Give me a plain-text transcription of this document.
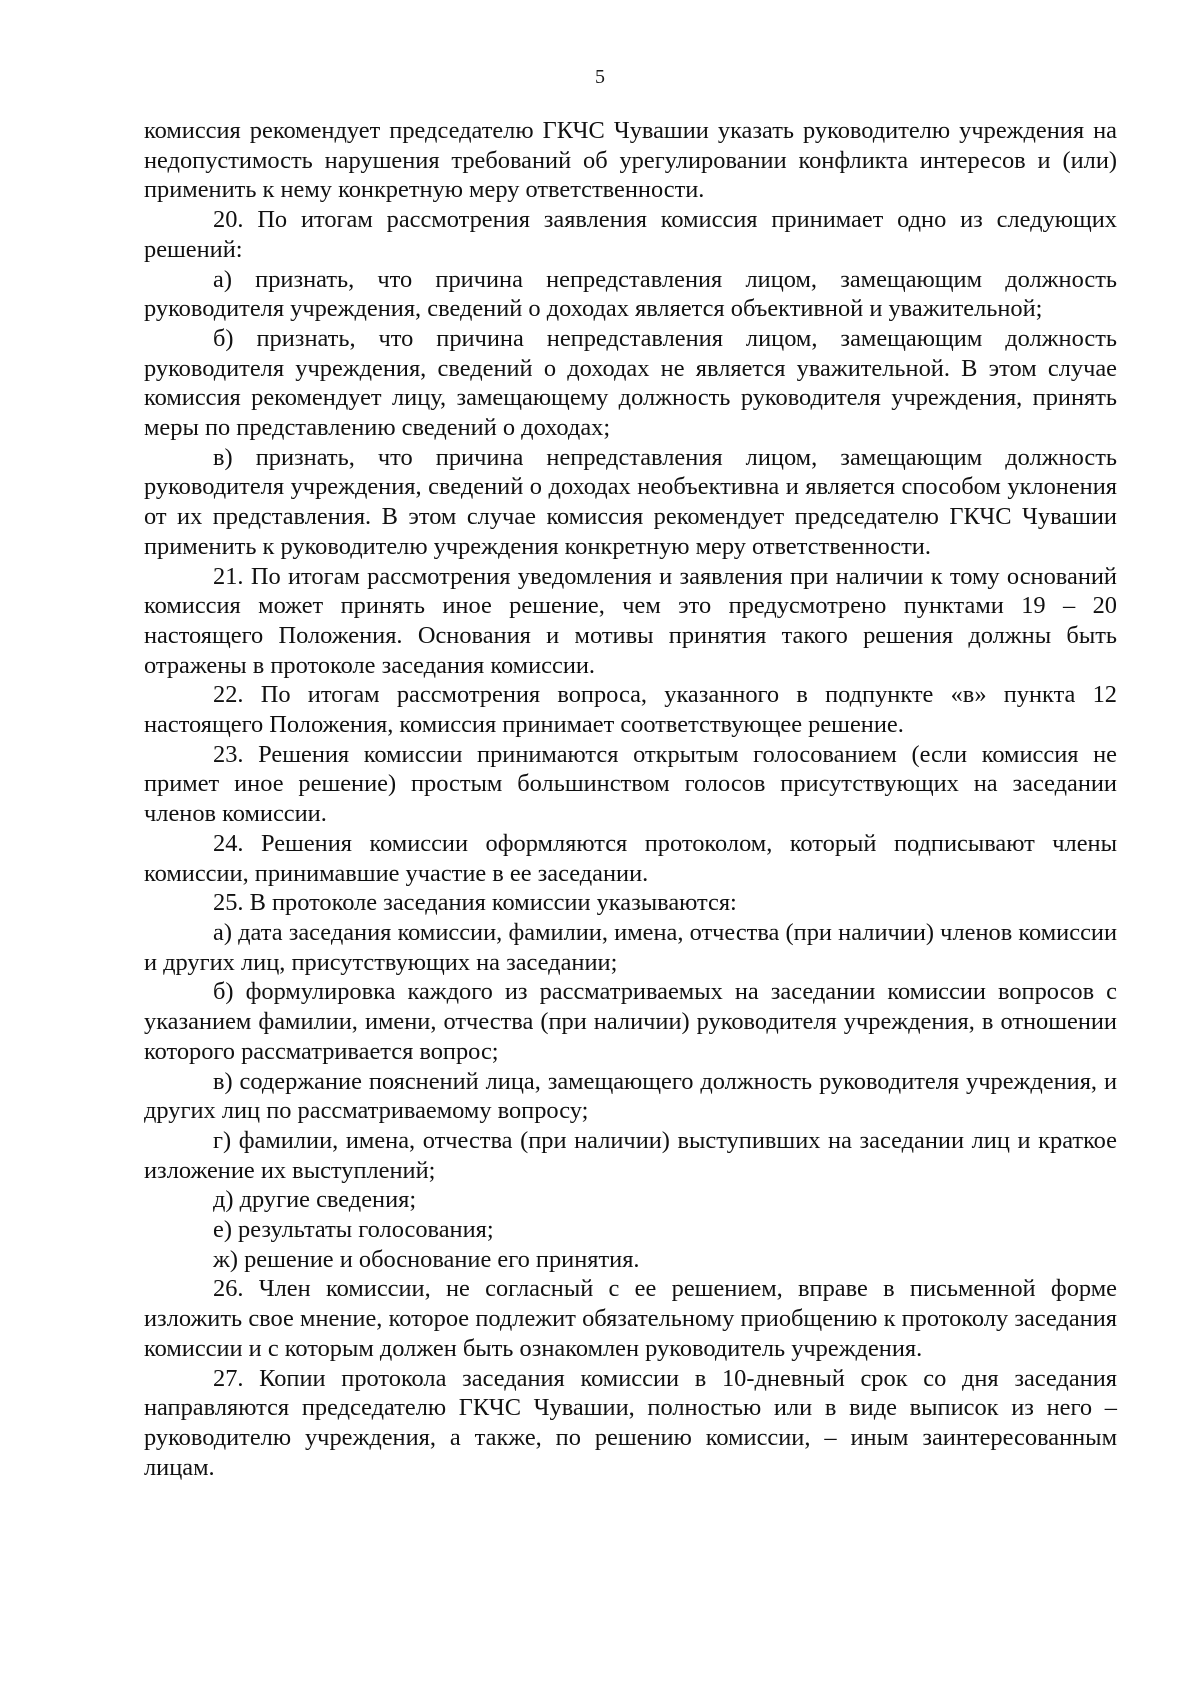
5

комиссия рекомендует председателю ГКЧС Чувашии указать руководителю учреждения на недопустимость нарушения требований об урегулировании конфликта интересов и (или) применить к нему конкретную меру ответственности.

20. По итогам рассмотрения заявления комиссия принимает одно из следующих решений:

а) признать, что причина непредставления лицом, замещающим должность руководителя учреждения, сведений о доходах является объективной и уважительной;

б) признать, что причина непредставления лицом, замещающим должность руководителя учреждения, сведений о доходах не является уважительной. В этом случае комиссия рекомендует лицу, замещающему должность руководителя учреждения, принять меры по представлению сведений о доходах;

в) признать, что причина непредставления лицом, замещающим должность руководителя учреждения, сведений о доходах необъективна и является способом уклонения от их представления. В этом случае комиссия рекомендует председателю ГКЧС Чувашии применить к руководителю учреждения конкретную меру ответственности.

21. По итогам рассмотрения уведомления и заявления при наличии к тому оснований комиссия может принять иное решение, чем это предусмотрено пунктами 19 – 20 настоящего Положения. Основания и мотивы принятия такого решения должны быть отражены в протоколе заседания комиссии.

22. По итогам рассмотрения вопроса, указанного в подпункте «в» пункта 12 настоящего Положения, комиссия принимает соответствующее решение.

23. Решения комиссии принимаются открытым голосованием (если комиссия не примет иное решение) простым большинством голосов присутствующих на заседании членов комиссии.

24. Решения комиссии оформляются протоколом, который подписывают члены комиссии, принимавшие участие в ее заседании.

25. В протоколе заседания комиссии указываются:

а) дата заседания комиссии, фамилии, имена, отчества (при наличии) членов комиссии и других лиц, присутствующих на заседании;

б) формулировка каждого из рассматриваемых на заседании комиссии вопросов с указанием фамилии, имени, отчества (при наличии) руководителя учреждения, в отношении которого рассматривается вопрос;

в) содержание пояснений лица, замещающего должность руководителя учреждения, и других лиц по рассматриваемому вопросу;

г) фамилии, имена, отчества (при наличии) выступивших на заседании лиц и краткое изложение их выступлений;

д) другие сведения;

е) результаты голосования;

ж) решение и обоснование его принятия.

26. Член комиссии, не согласный с ее решением, вправе в письменной форме изложить свое мнение, которое подлежит обязательному приобщению к протоколу заседания комиссии и с которым должен быть ознакомлен руководитель учреждения.

27. Копии протокола заседания комиссии в 10-дневный срок со дня заседания направляются председателю ГКЧС Чувашии, полностью или в виде выписок из него – руководителю учреждения, а также, по решению комиссии, – иным заинтересованным лицам.
